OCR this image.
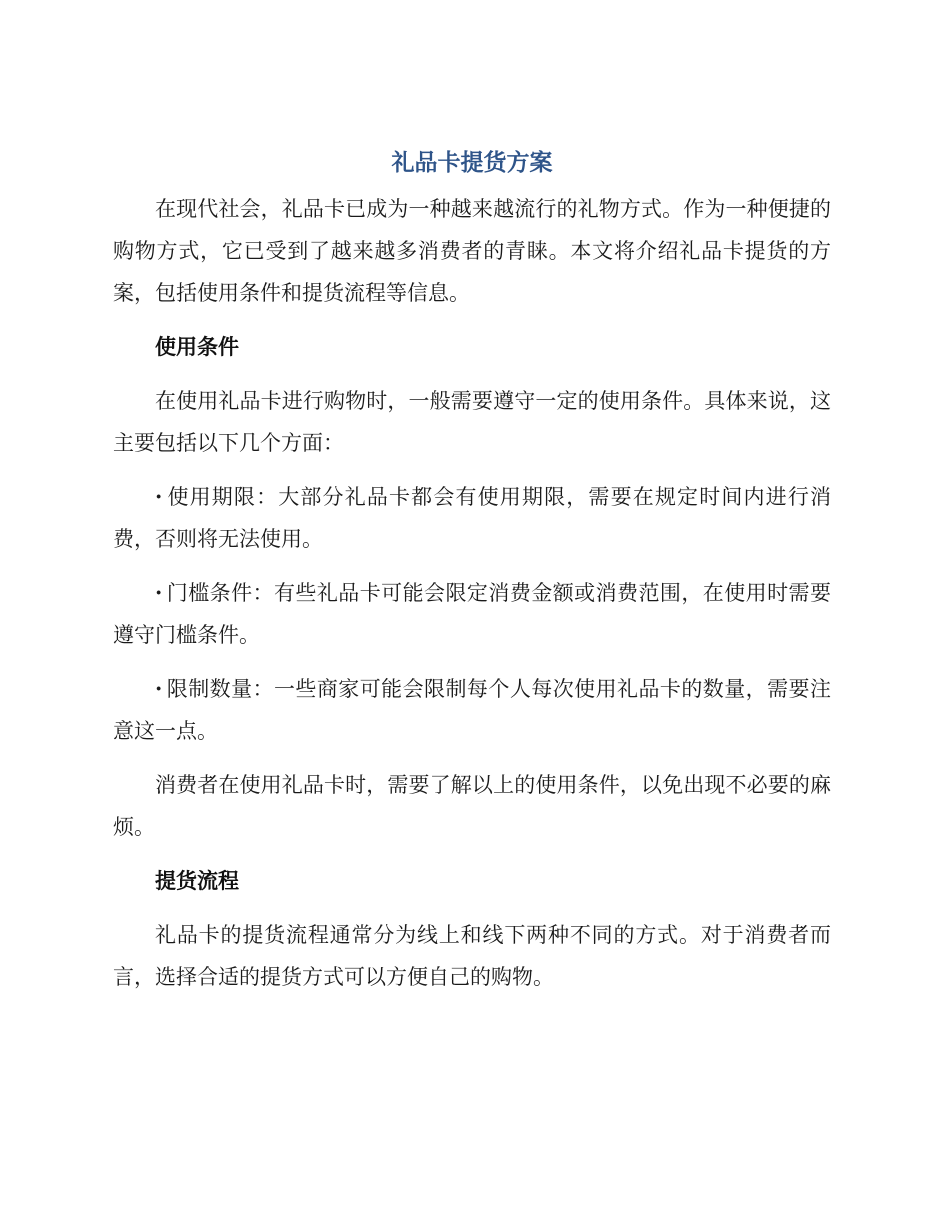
礼品卡提货方案

在现代社会，礼品卡已成为一种越来越流行的礼物方式。作为一种便捷的购物方式，它已受到了越来越多消费者的青睐。本文将介绍礼品卡提货的方案，包括使用条件和提货流程等信息。

使用条件

在使用礼品卡进行购物时，一般需要遵守一定的使用条件。具体来说，这主要包括以下几个方面：

· 使用期限：大部分礼品卡都会有使用期限，需要在规定时间内进行消费，否则将无法使用。

· 门槛条件：有些礼品卡可能会限定消费金额或消费范围，在使用时需要遵守门槛条件。

· 限制数量：一些商家可能会限制每个人每次使用礼品卡的数量，需要注意这一点。

消费者在使用礼品卡时，需要了解以上的使用条件，以免出现不必要的麻烦。

提货流程

礼品卡的提货流程通常分为线上和线下两种不同的方式。对于消费者而言，选择合适的提货方式可以方便自己的购物。
